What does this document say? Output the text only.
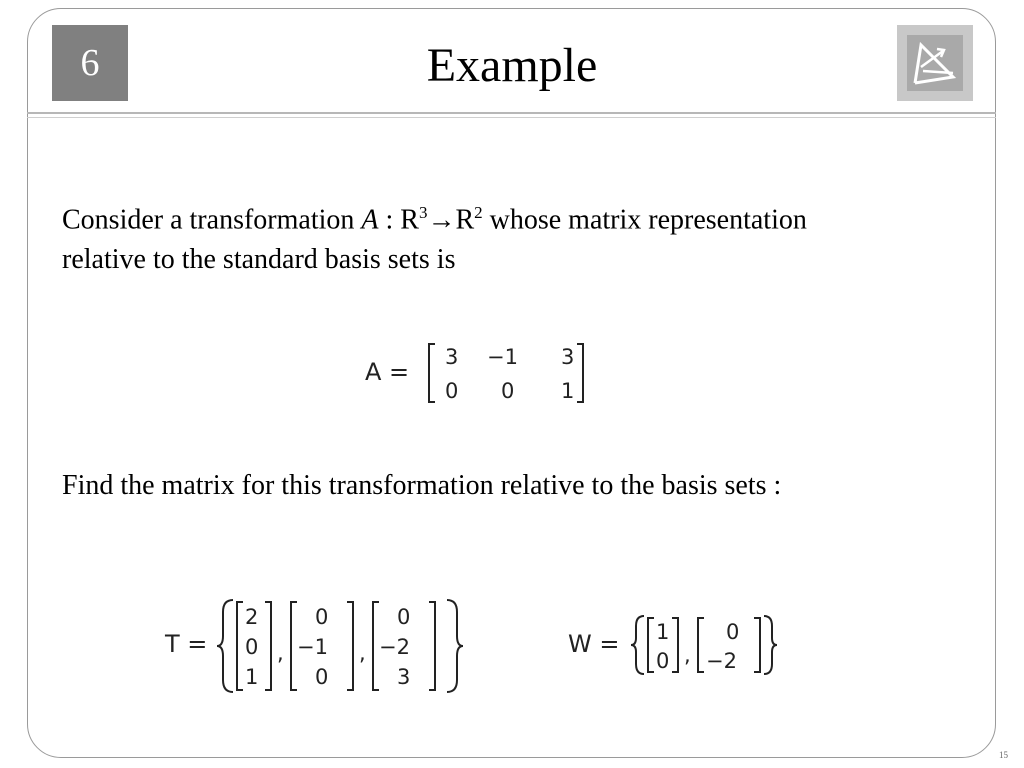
6	Example
Consider a transformation A : $R^3\to R^2$ whose matrix representation relative to the standard basis sets is
A =
3 −1 3
0 0 1
Find the matrix for this transformation relative to the basis sets :
T =
2
0
1
,
0
−1
0
,
0
−2
3
W = 1
0 ,
0
−2
15
